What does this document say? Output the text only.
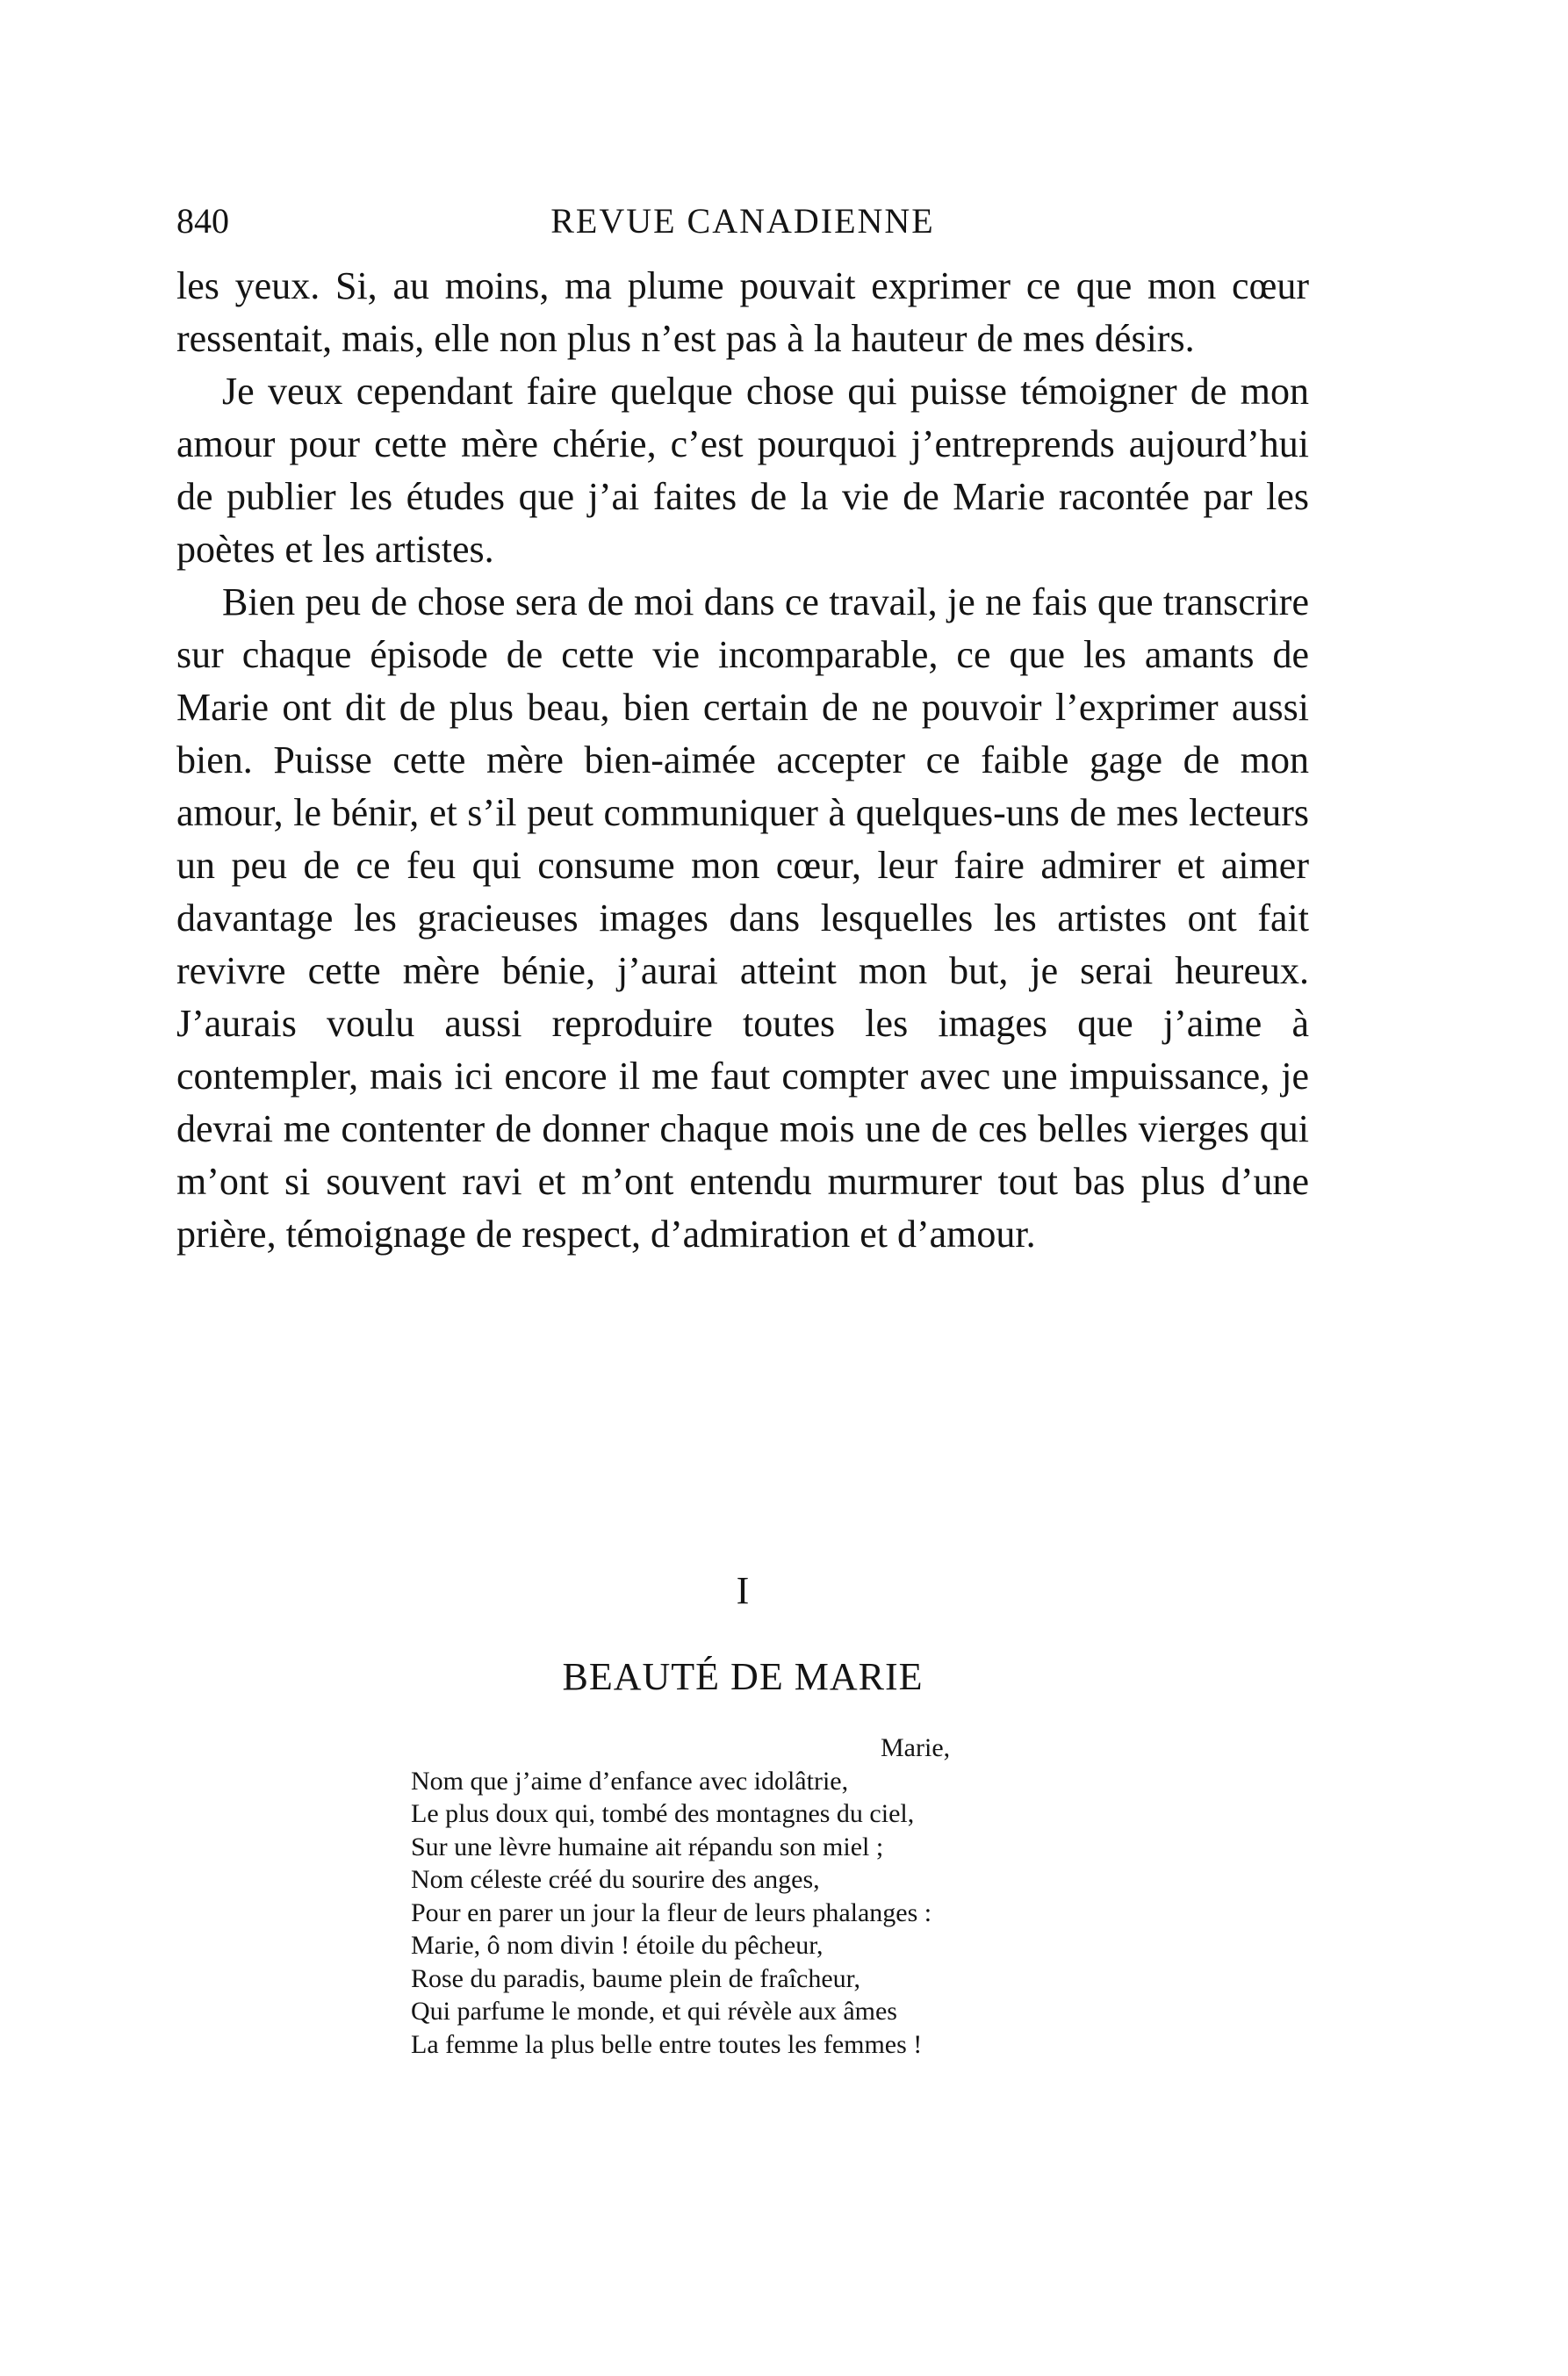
840	REVUE CANADIENNE

les yeux. Si, au moins, ma plume pouvait exprimer ce que mon cœur ressentait, mais, elle non plus n’est pas à la hauteur de mes désirs.

Je veux cependant faire quelque chose qui puisse témoigner de mon amour pour cette mère chérie, c’est pourquoi j’entreprends aujourd’hui de publier les études que j’ai faites de la vie de Marie racontée par les poètes et les artistes.

Bien peu de chose sera de moi dans ce travail, je ne fais que transcrire sur chaque épisode de cette vie incomparable, ce que les amants de Marie ont dit de plus beau, bien certain de ne pouvoir l’exprimer aussi bien. Puisse cette mère bien-aimée accepter ce faible gage de mon amour, le bénir, et s’il peut communiquer à quelques-uns de mes lecteurs un peu de ce feu qui consume mon cœur, leur faire admirer et aimer davantage les gracieuses images dans lesquelles les artistes ont fait revivre cette mère bénie, j’aurai atteint mon but, je serai heureux. J’aurais voulu aussi reproduire toutes les images que j’aime à contempler, mais ici encore il me faut compter avec une impuissance, je devrai me contenter de donner chaque mois une de ces belles vierges qui m’ont si souvent ravi et m’ont entendu murmurer tout bas plus d’une prière, témoignage de respect, d’admiration et d’amour.

I
BEAUTÉ DE MARIE
Marie,
Nom que j’aime d’enfance avec idolâtrie,
Le plus doux qui, tombé des montagnes du ciel,
Sur une lèvre humaine ait répandu son miel ;
Nom céleste créé du sourire des anges,
Pour en parer un jour la fleur de leurs phalanges :
Marie, ô nom divin ! étoile du pêcheur,
Rose du paradis, baume plein de fraîcheur,
Qui parfume le monde, et qui révèle aux âmes
La femme la plus belle entre toutes les femmes !
